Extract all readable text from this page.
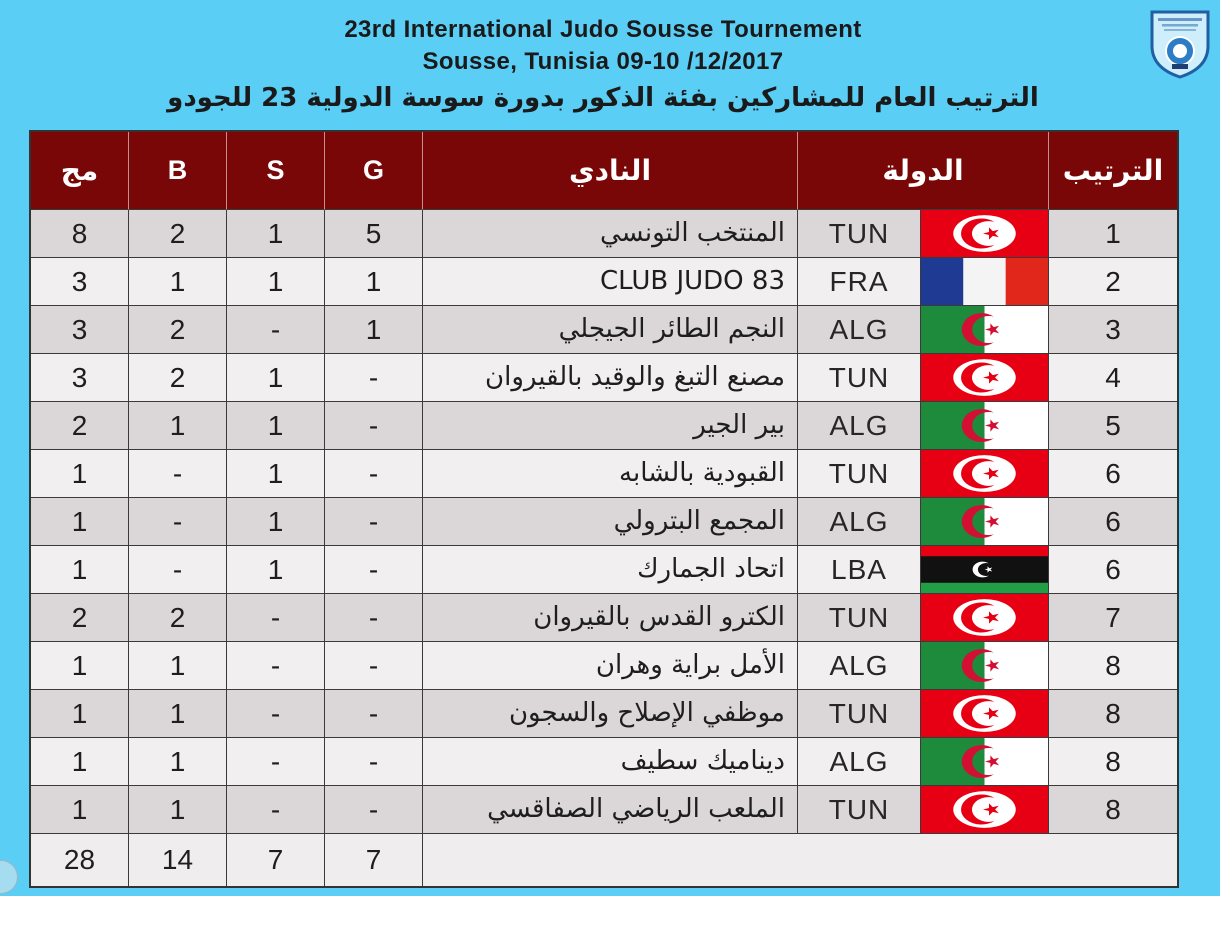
23rd International Judo Sousse Tournement
Sousse, Tunisia 09-10 /12/2017
الترتيب العام للمشاركين بفئة الذكور بدورة سوسة الدولية 23 للجودو
مج	B	S	G	النادي	الدولة	الترتيب
8	2	1	5	المنتخب التونسي	TUN	1
3	1	1	1	CLUB JUDO 83	FRA	2
3	2	-	1	النجم الطائر الجيجلي	ALG	3
3	2	1	-	مصنع التبغ والوقيد بالقيروان	TUN	4
2	1	1	-	بير الجير	ALG	5
1	-	1	-	القبودية بالشابه	TUN	6
1	-	1	-	المجمع البترولي	ALG	6
1	-	1	-	اتحاد الجمارك	LBA	6
2	2	-	-	الكترو القدس بالقيروان	TUN	7
1	1	-	-	الأمل براية وهران	ALG	8
1	1	-	-	موظفي الإصلاح والسجون	TUN	8
1	1	-	-	ديناميك سطيف	ALG	8
1	1	-	-	الملعب الرياضي الصفاقسي	TUN	8
28	14	7	7
